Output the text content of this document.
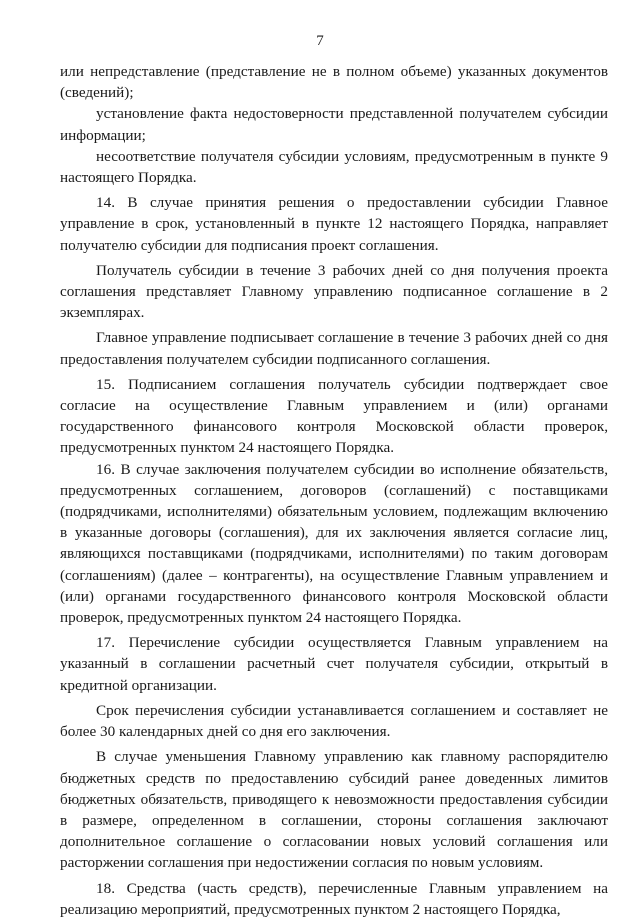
7

или непредставление (представление не в полном объеме) указанных документов (сведений);

установление факта недостоверности представленной получателем субсидии информации;

несоответствие получателя субсидии условиям, предусмотренным в пункте 9 настоящего Порядка.

14. В случае принятия решения о предоставлении субсидии Главное управление в срок, установленный в пункте 12 настоящего Порядка, направляет получателю субсидии для подписания проект соглашения.

Получатель субсидии в течение 3 рабочих дней со дня получения проекта соглашения представляет Главному управлению подписанное соглашение в 2 экземплярах.

Главное управление подписывает соглашение в течение 3 рабочих дней со дня предоставления получателем субсидии подписанного соглашения.

15. Подписанием соглашения получатель субсидии подтверждает свое согласие на осуществление Главным управлением и (или) органами государственного финансового контроля Московской области проверок, предусмотренных пунктом 24 настоящего Порядка.

16. В случае заключения получателем субсидии во исполнение обязательств, предусмотренных соглашением, договоров (соглашений) с поставщиками (подрядчиками, исполнителями) обязательным условием, подлежащим включению в указанные договоры (соглашения), для их заключения является согласие лиц, являющихся поставщиками (подрядчиками, исполнителями) по таким договорам (соглашениям) (далее – контрагенты), на осуществление Главным управлением и (или) органами государственного финансового контроля Московской области проверок, предусмотренных пунктом 24 настоящего Порядка.

17. Перечисление субсидии осуществляется Главным управлением на указанный в соглашении расчетный счет получателя субсидии, открытый в кредитной организации.

Срок перечисления субсидии устанавливается соглашением и составляет не более 30 календарных дней со дня его заключения.

В случае уменьшения Главному управлению как главному распорядителю бюджетных средств по предоставлению субсидий ранее доведенных лимитов бюджетных обязательств, приводящего к невозможности предоставления субсидии в размере, определенном в соглашении, стороны соглашения заключают дополнительное соглашение о согласовании новых условий соглашения или расторжении соглашения при недостижении согласия по новым условиям.

18. Средства (часть средств), перечисленные Главным управлением на реализацию мероприятий, предусмотренных пунктом 2 настоящего Порядка,
